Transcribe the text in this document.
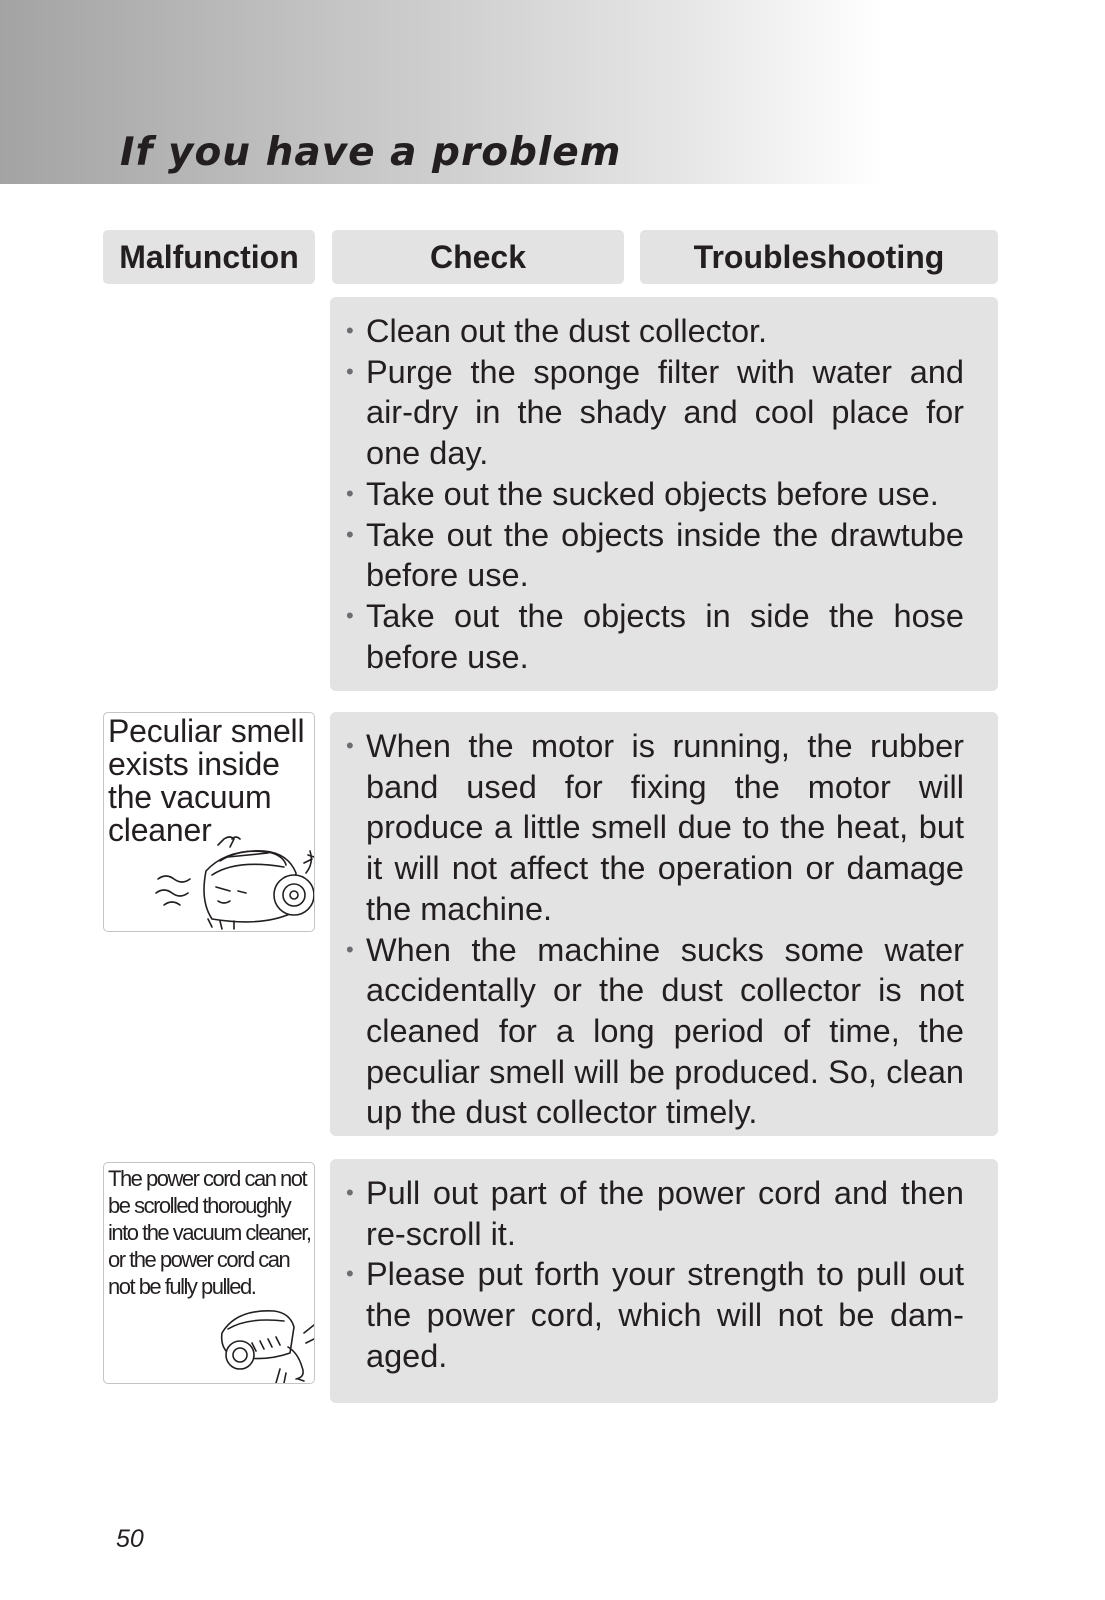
If you have a problem
Malfunction	Check	Troubleshooting
• Clean out the dust collector.
• Purge the sponge filter with water and air-dry in the shady and cool place for one day.
• Take out the sucked objects before use.
• Take out the objects inside the drawtube before use.
• Take out the objects in side the hose before use.

Peculiar smell exists inside the vacuum cleaner

• When the motor is running, the rubber band used for fixing the motor will produce a little smell due to the heat, but it will not affect the operation or damage the machine.
• When the machine sucks some water accidentally or the dust collector is not cleaned for a long period of time, the peculiar smell will be produced. So, clean up the dust collector timely.

The power cord can not be scrolled thoroughly into the vacuum cleaner, or the power cord can not be fully pulled.

• Pull out part of the power cord and then re-scroll it.
• Please put forth your strength to pull out the power cord, which will not be dam-aged.
50
